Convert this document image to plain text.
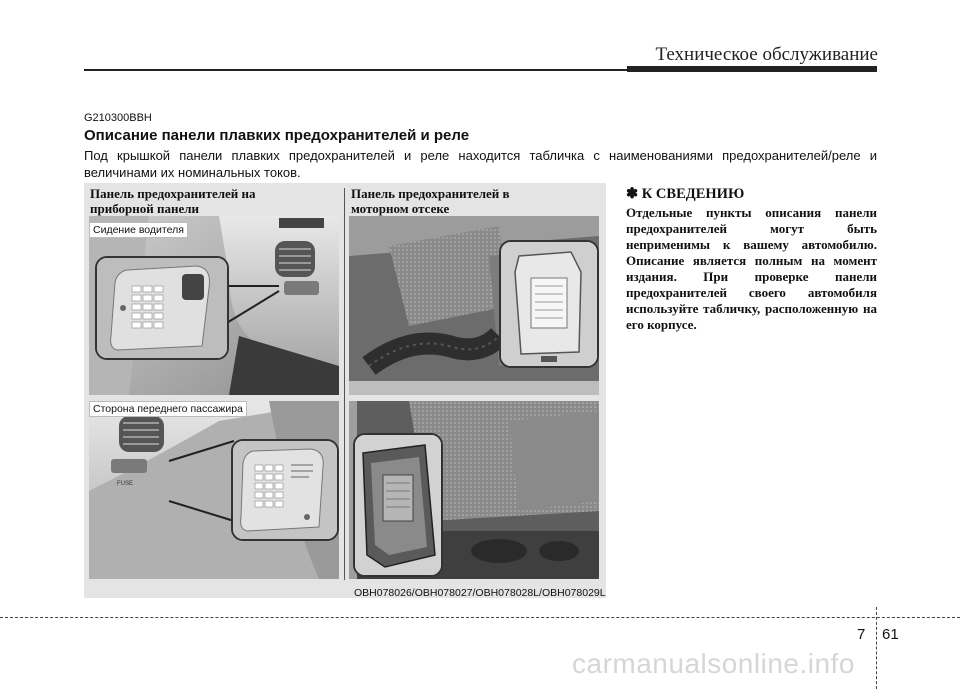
Техническое обслуживание
G210300BBH
Описание панели плавких предохранителей и реле
Под крышкой панели плавких предохранителей и реле находится табличка с наименованиями предохранителей/реле и величинами их номинальных токов.
Панель предохранителей на приборной панели
Панель предохранителей в моторном отсеке
Сидение водителя
FUSE
Сторона переднего пассажира
OBH078026/OBH078027/OBH078028L/OBH078029L
✽ К СВЕДЕНИЮ
Отдельные пункты описания панели предохранителей могут быть неприменимы к вашему автомобилю. Описание является полным на момент издания. При проверке панели предохранителей своего автомобиля используйте табличку, расположенную на его корпусе.
7 61
carmanualsonline.info
